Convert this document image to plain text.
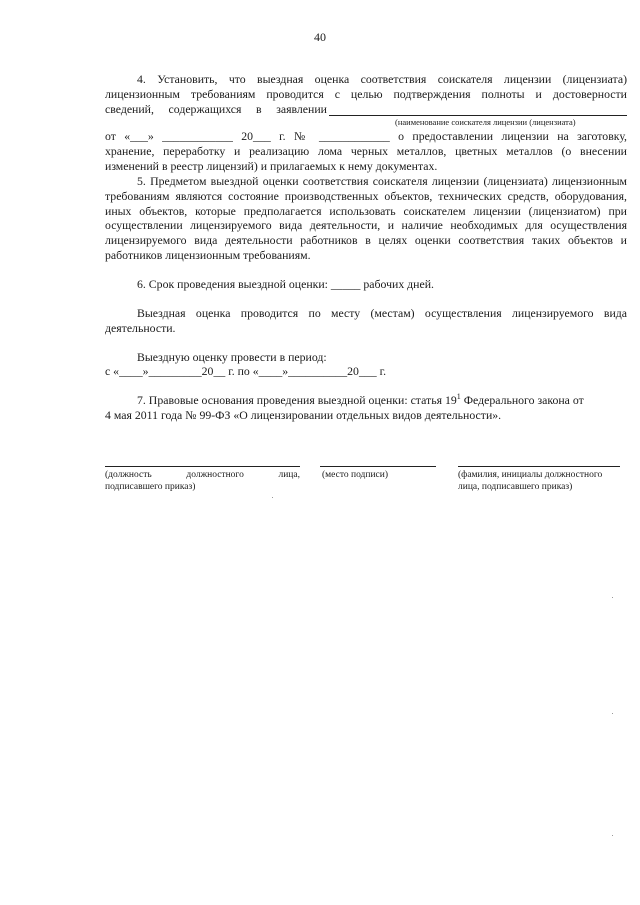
40
4. Установить, что выездная оценка соответствия соискателя лицензии (лицензиата)
лицензионным требованиям проводится с целью подтверждения полноты и достоверности
сведений, содержащихся в заявлении
(наименование соискателя лицензии (лицензиата)
от «___» ____________ 20___ г. № ____________ о предоставлении лицензии на заготовку,
хранение, переработку и реализацию лома черных металлов, цветных металлов (о внесении
изменений в реестр лицензий) и прилагаемых к нему документах.
5. Предметом выездной оценки соответствия соискателя лицензии (лицензиата) лицензионным требованиям являются состояние производственных объектов, технических средств, оборудования, иных объектов, которые предполагается использовать соискателем лицензии (лицензиатом) при осуществлении лицензируемого вида деятельности, и наличие необходимых для осуществления лицензируемого вида деятельности работников в целях оценки соответствия таких объектов и работников лицензионным требованиям.
6. Срок проведения выездной оценки: _____ рабочих дней.
Выездная оценка проводится по месту (местам) осуществления лицензируемого вида деятельности.
Выездную оценку провести в период:
с «____»_________20__ г. по «____»__________20___ г.
7. Правовые основания проведения выездной оценки: статья $19^1$ Федерального закона от
4 мая 2011 года № 99-ФЗ «О лицензировании отдельных видов деятельности».
(должность должностного лица,
подписавшего приказ)
(место подписи)	(фамилия, инициалы должностного
лица, подписавшего приказ)
